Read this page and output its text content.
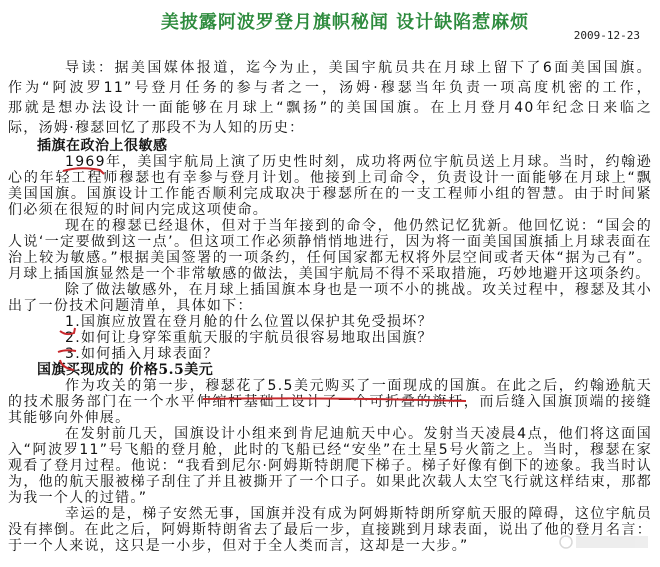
美披露阿波罗登月旗帜秘闻 设计缺陷惹麻烦
2009-12-23
导读：据美国媒体报道，迄今为止，美国宇航员共在月球上留下了6面美国国旗。
作为“阿波罗11”号登月任务的参与者之一，汤姆·穆瑟当年负责一项高度机密的工作，
那就是想办法设计一面能够在月球上“飘扬”的美国国旗。在上月登月40年纪念日来临之
际，汤姆·穆瑟回忆了那段不为人知的历史：
插旗在政治上很敏感
1969年，美国宇航局上演了历史性时刻，成功将两位宇航员送上月球。当时，约翰逊
心的年轻工程师穆瑟也有幸参与登月计划。他接到上司命令，负责设计一面能够在月球上“飘
美国国旗。国旗设计工作能否顺利完成取决于穆瑟所在的一支工程师小组的智慧。由于时间紧
们必须在很短的时间内完成这项使命。
现在的穆瑟已经退休，但对于当年接到的命令，他仍然记忆犹新。他回忆说：“国会的
人说‘一定要做到这一点’。但这项工作必须静悄悄地进行，因为将一面美国国旗插上月球表面在
治上较为敏感。”根据美国签署的一项条约，任何国家都无权将外层空间或者天体“据为己有”。
月球上插国旗显然是一个非常敏感的做法，美国宇航局不得不采取措施，巧妙地避开这项条约。
除了做法敏感外，在月球上插国旗本身也是一项不小的挑战。攻关过程中，穆瑟及其小
出了一份技术问题清单，具体如下：
1.国旗应放置在登月舱的什么位置以保护其免受损坏？
2.如何让身穿笨重航天服的宇航员很容易地取出国旗？
3.如何插入月球表面？
国旗买现成的 价格5.5美元
作为攻关的第一步，穆瑟花了5.5美元购买了一面现成的国旗。在此之后，约翰逊航天
的技术服务部门在一个水平伸缩杆基础上设计了一个可折叠的旗杆，而后缝入国旗顶端的接缝
其能够向外伸展。
在发射前几天，国旗设计小组来到肯尼迪航天中心。发射当天凌晨4点，他们将这面国
入“阿波罗11”号飞船的登月舱，此时的飞船已经“安坐”在土星5号火箭之上。当时，穆瑟在家
观看了登月过程。他说：“我看到尼尔·阿姆斯特朗爬下梯子。梯子好像有倒下的迹象。我当时认
为，他的航天服被梯子刮住了并且被撕开了一个口子。如果此次载人太空飞行就这样结束，那都
为我一个人的过错。”
幸运的是，梯子安然无事，国旗并没有成为阿姆斯特朗所穿航天服的障碍，这位宇航员
没有摔倒。在此之后，阿姆斯特朗省去了最后一步，直接跳到月球表面，说出了他的登月名言：
于一个人来说，这只是一小步，但对于全人类而言，这却是一大步。”
